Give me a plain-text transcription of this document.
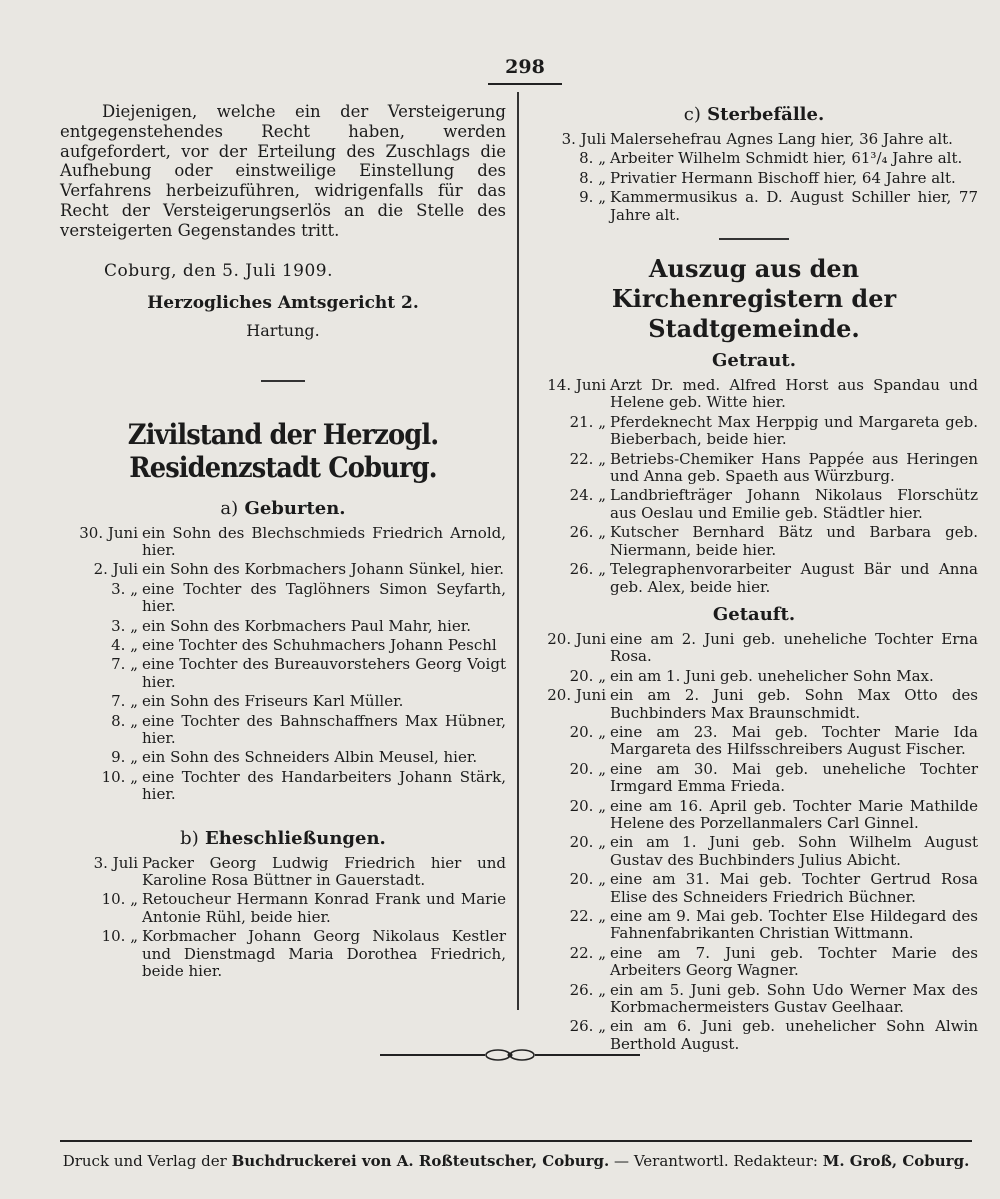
298

Diejenigen, welche ein der Versteigerung entgegenstehendes Recht haben, werden aufgefordert, vor der Erteilung des Zuschlags die Aufhebung oder einstweilige Einstellung des Verfahrens herbeizuführen, widrigenfalls für das Recht der Versteigerungserlös an die Stelle des versteigerten Gegenstandes tritt.

Coburg, den 5. Juli 1909.

Herzogliches Amtsgericht 2.

Hartung.

Zivilstand der Herzogl. Residenzstadt Coburg.
a) Geburten.
30. Juni ein Sohn des Blechschmieds Friedrich Arnold, hier.
2. Juli ein Sohn des Korbmachers Johann Sünkel, hier.
3. „ eine Tochter des Taglöhners Simon Seyfarth, hier.
3. „ ein Sohn des Korbmachers Paul Mahr, hier.
4. „ eine Tochter des Schuhmachers Johann Peschl
7. „ eine Tochter des Bureauvorstehers Georg Voigt hier.
7. „ ein Sohn des Friseurs Karl Müller.
8. „ eine Tochter des Bahnschaffners Max Hübner, hier.
9. „ ein Sohn des Schneiders Albin Meusel, hier.
10. „ eine Tochter des Handarbeiters Johann Stärk, hier.
b) Eheschließungen.
3. Juli Packer Georg Ludwig Friedrich hier und Karoline Rosa Büttner in Gauerstadt.
10. „ Retoucheur Hermann Konrad Frank und Marie Antonie Rühl, beide hier.
10. „ Korbmacher Johann Georg Nikolaus Kestler und Dienstmagd Maria Dorothea Friedrich, beide hier.
c) Sterbefälle.
3. Juli Malersehefrau Agnes Lang hier, 36 Jahre alt.
8. „ Arbeiter Wilhelm Schmidt hier, 61³/₄ Jahre alt.
8. „ Privatier Hermann Bischoff hier, 64 Jahre alt.
9. „ Kammermusikus a. D. August Schiller hier, 77 Jahre alt.
Auszug aus den Kirchenregistern der Stadtgemeinde.
Getraut.
14. Juni Arzt Dr. med. Alfred Horst aus Spandau und Helene geb. Witte hier.
21. „ Pferdeknecht Max Herppig und Margareta geb. Bieberbach, beide hier.
22. „ Betriebs-Chemiker Hans Pappée aus Heringen und Anna geb. Spaeth aus Würzburg.
24. „ Landbriefträger Johann Nikolaus Florschütz aus Oeslau und Emilie geb. Städtler hier.
26. „ Kutscher Bernhard Bätz und Barbara geb. Niermann, beide hier.
26. „ Telegraphenvorarbeiter August Bär und Anna geb. Alex, beide hier.
Getauft.
20. Juni eine am 2. Juni geb. uneheliche Tochter Erna Rosa.
20. „ ein am 1. Juni geb. unehelicher Sohn Max.
20. Juni ein am 2. Juni geb. Sohn Max Otto des Buchbinders Max Braunschmidt.
20. „ eine am 23. Mai geb. Tochter Marie Ida Margareta des Hilfsschreibers August Fischer.
20. „ eine am 30. Mai geb. uneheliche Tochter Irmgard Emma Frieda.
20. „ eine am 16. April geb. Tochter Marie Mathilde Helene des Porzellanmalers Carl Ginnel.
20. „ ein am 1. Juni geb. Sohn Wilhelm August Gustav des Buchbinders Julius Abicht.
20. „ eine am 31. Mai geb. Tochter Gertrud Rosa Elise des Schneiders Friedrich Büchner.
22. „ eine am 9. Mai geb. Tochter Else Hildegard des Fahnenfabrikanten Christian Wittmann.
22. „ eine am 7. Juni geb. Tochter Marie des Arbeiters Georg Wagner.
26. „ ein am 5. Juni geb. Sohn Udo Werner Max des Korbmachermeisters Gustav Geelhaar.
26. „ ein am 6. Juni geb. unehelicher Sohn Alwin Berthold August.
Druck und Verlag der Buchdruckerei von A. Roßteutscher, Coburg. — Verantwortl. Redakteur: M. Groß, Coburg.
